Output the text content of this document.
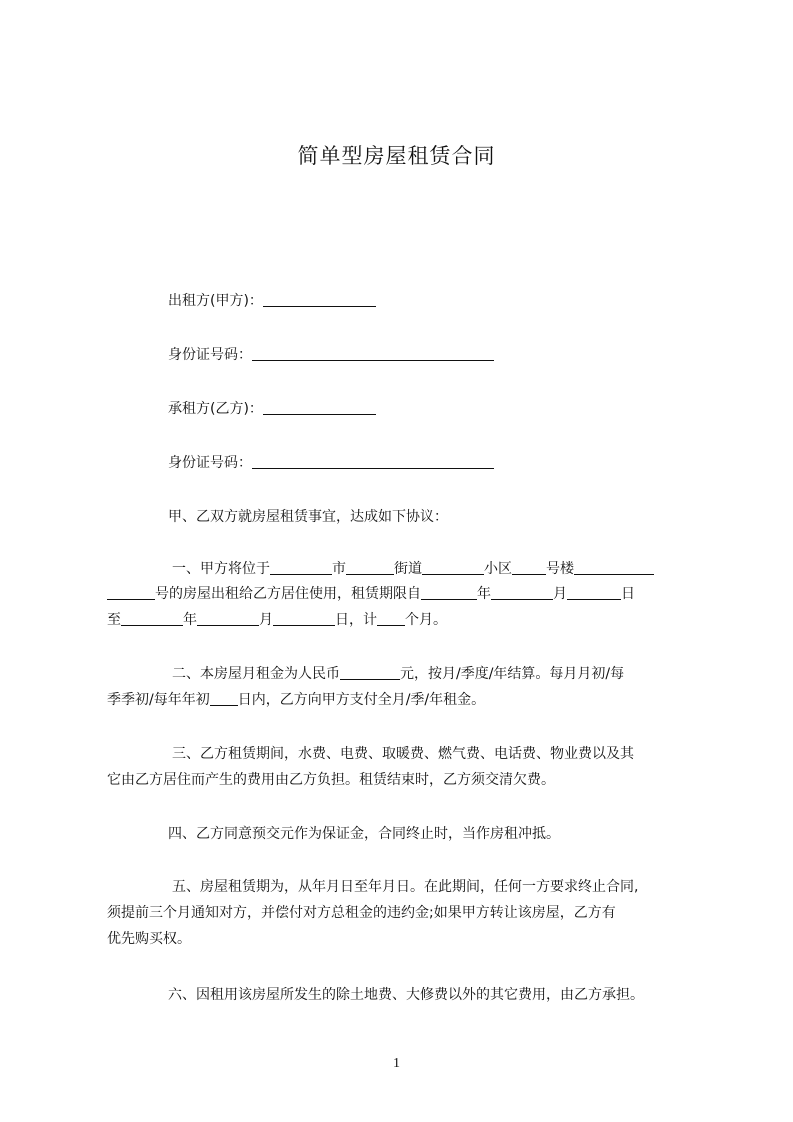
简单型房屋租赁合同

出租方(甲方)：

身份证号码：

承租方(乙方)：

身份证号码：

甲、乙双方就房屋租赁事宜，达成如下协议：

一、甲方将位于	市	街道	小区 号楼

号的房屋出租给乙方居住使用，租赁期限自	年	月	日

至	年	月	日，计 个月。

二、本房屋月租金为人民币	元，按月/季度/年结算。每月月初/每

季季初/每年年初 日内，乙方向甲方支付全月/季/年租金。

三、乙方租赁期间，水费、电费、取暖费、燃气费、电话费、物业费以及其

它由乙方居住而产生的费用由乙方负担。租赁结束时，乙方须交清欠费。

四、乙方同意预交元作为保证金，合同终止时，当作房租冲抵。

五、房屋租赁期为，从年月日至年月日。在此期间，任何一方要求终止合同,

须提前三个月通知对方，并偿付对方总租金的违约金;如果甲方转让该房屋，乙方有

优先购买权。

六、因租用该房屋所发生的除土地费、大修费以外的其它费用，由乙方承担。

1
